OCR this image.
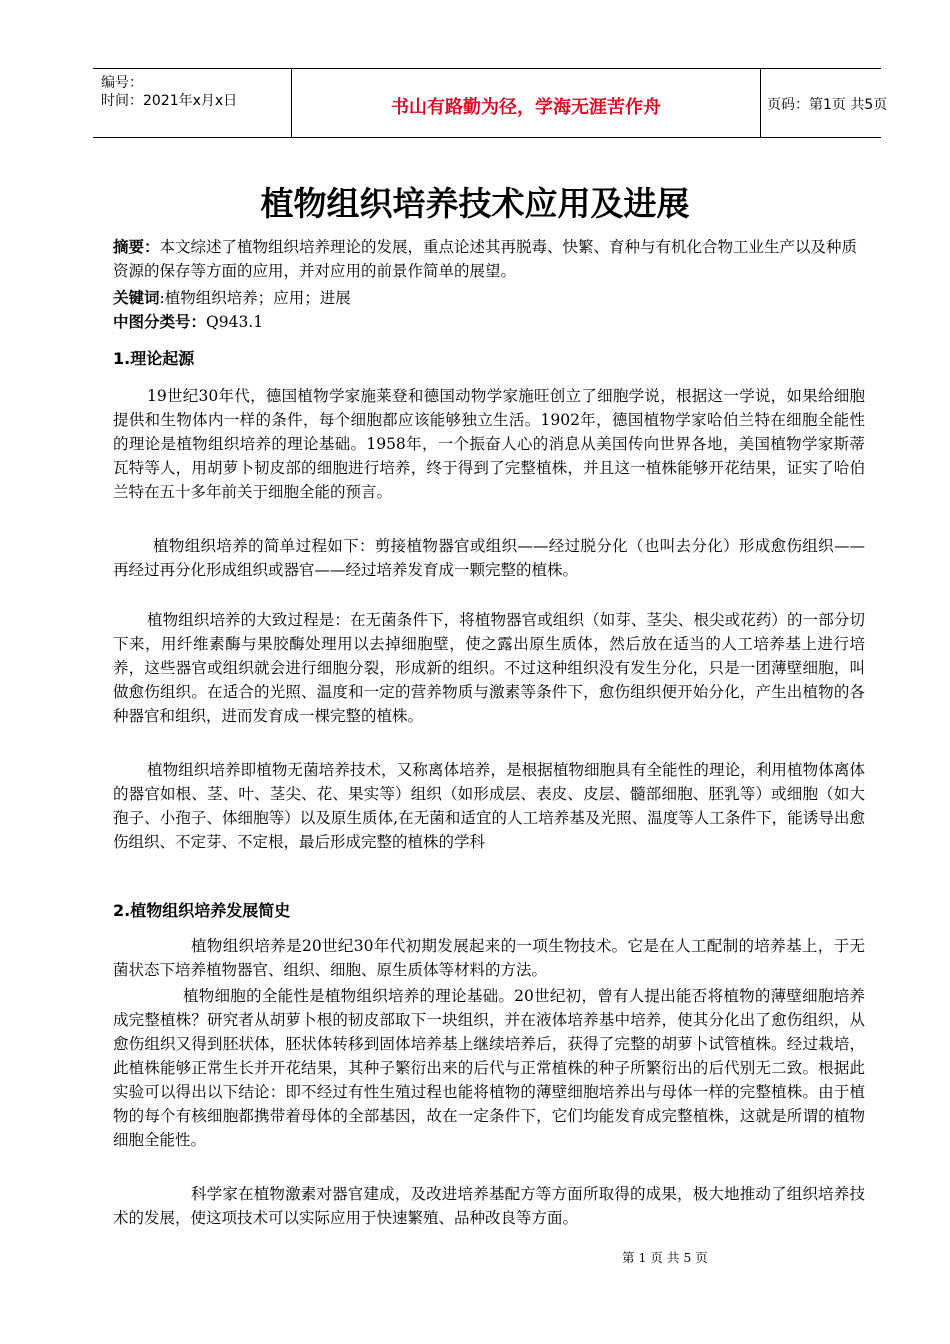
编号：
时间：2021年x月x日	书山有路勤为径，学海无涯苦作舟	页码：第1页 共5页
植物组织培养技术应用及进展
摘要：本文综述了植物组织培养理论的发展，重点论述其再脱毒、快繁、育种与有机化合物工业生产以及种质资源的保存等方面的应用，并对应用的前景作简单的展望。
关键词:植物组织培养；应用；进展
中图分类号：Q943.1
1.理论起源
19世纪30年代，德国植物学家施莱登和德国动物学家施旺创立了细胞学说，根据这一学说，如果给细胞提供和生物体内一样的条件，每个细胞都应该能够独立生活。1902年，德国植物学家哈伯兰特在细胞全能性的理论是植物组织培养的理论基础。1958年，一个振奋人心的消息从美国传向世界各地，美国植物学家斯蒂瓦特等人，用胡萝卜韧皮部的细胞进行培养，终于得到了完整植株，并且这一植株能够开花结果，证实了哈伯兰特在五十多年前关于细胞全能的预言。
植物组织培养的简单过程如下：剪接植物器官或组织——经过脱分化（也叫去分化）形成愈伤组织——再经过再分化形成组织或器官——经过培养发育成一颗完整的植株。
植物组织培养的大致过程是：在无菌条件下，将植物器官或组织（如芽、茎尖、根尖或花药）的一部分切下来，用纤维素酶与果胶酶处理用以去掉细胞壁，使之露出原生质体，然后放在适当的人工培养基上进行培养，这些器官或组织就会进行细胞分裂，形成新的组织。不过这种组织没有发生分化，只是一团薄壁细胞，叫做愈伤组织。在适合的光照、温度和一定的营养物质与激素等条件下，愈伤组织便开始分化，产生出植物的各种器官和组织，进而发育成一棵完整的植株。
植物组织培养即植物无菌培养技术，又称离体培养，是根据植物细胞具有全能性的理论，利用植物体离体的器官如根、茎、叶、茎尖、花、果实等）组织（如形成层、表皮、皮层、髓部细胞、胚乳等）或细胞（如大孢子、小孢子、体细胞等）以及原生质体,在无菌和适宜的人工培养基及光照、温度等人工条件下，能诱导出愈伤组织、不定芽、不定根，最后形成完整的植株的学科
2.植物组织培养发展简史
植物组织培养是20世纪30年代初期发展起来的一项生物技术。它是在人工配制的培养基上，于无菌状态下培养植物器官、组织、细胞、原生质体等材料的方法。
植物细胞的全能性是植物组织培养的理论基础。20世纪初，曾有人提出能否将植物的薄壁细胞培养成完整植株？研究者从胡萝卜根的韧皮部取下一块组织，并在液体培养基中培养，使其分化出了愈伤组织，从愈伤组织又得到胚状体，胚状体转移到固体培养基上继续培养后，获得了完整的胡萝卜试管植株。经过栽培，此植株能够正常生长并开花结果，其种子繁衍出来的后代与正常植株的种子所繁衍出的后代别无二致。根据此实验可以得出以下结论：即不经过有性生殖过程也能将植物的薄壁细胞培养出与母体一样的完整植株。由于植物的每个有核细胞都携带着母体的全部基因，故在一定条件下，它们均能发育成完整植株，这就是所谓的植物细胞全能性。
科学家在植物激素对器官建成，及改进培养基配方等方面所取得的成果，极大地推动了组织培养技术的发展，使这项技术可以实际应用于快速繁殖、品种改良等方面。
第 1 页 共 5 页
